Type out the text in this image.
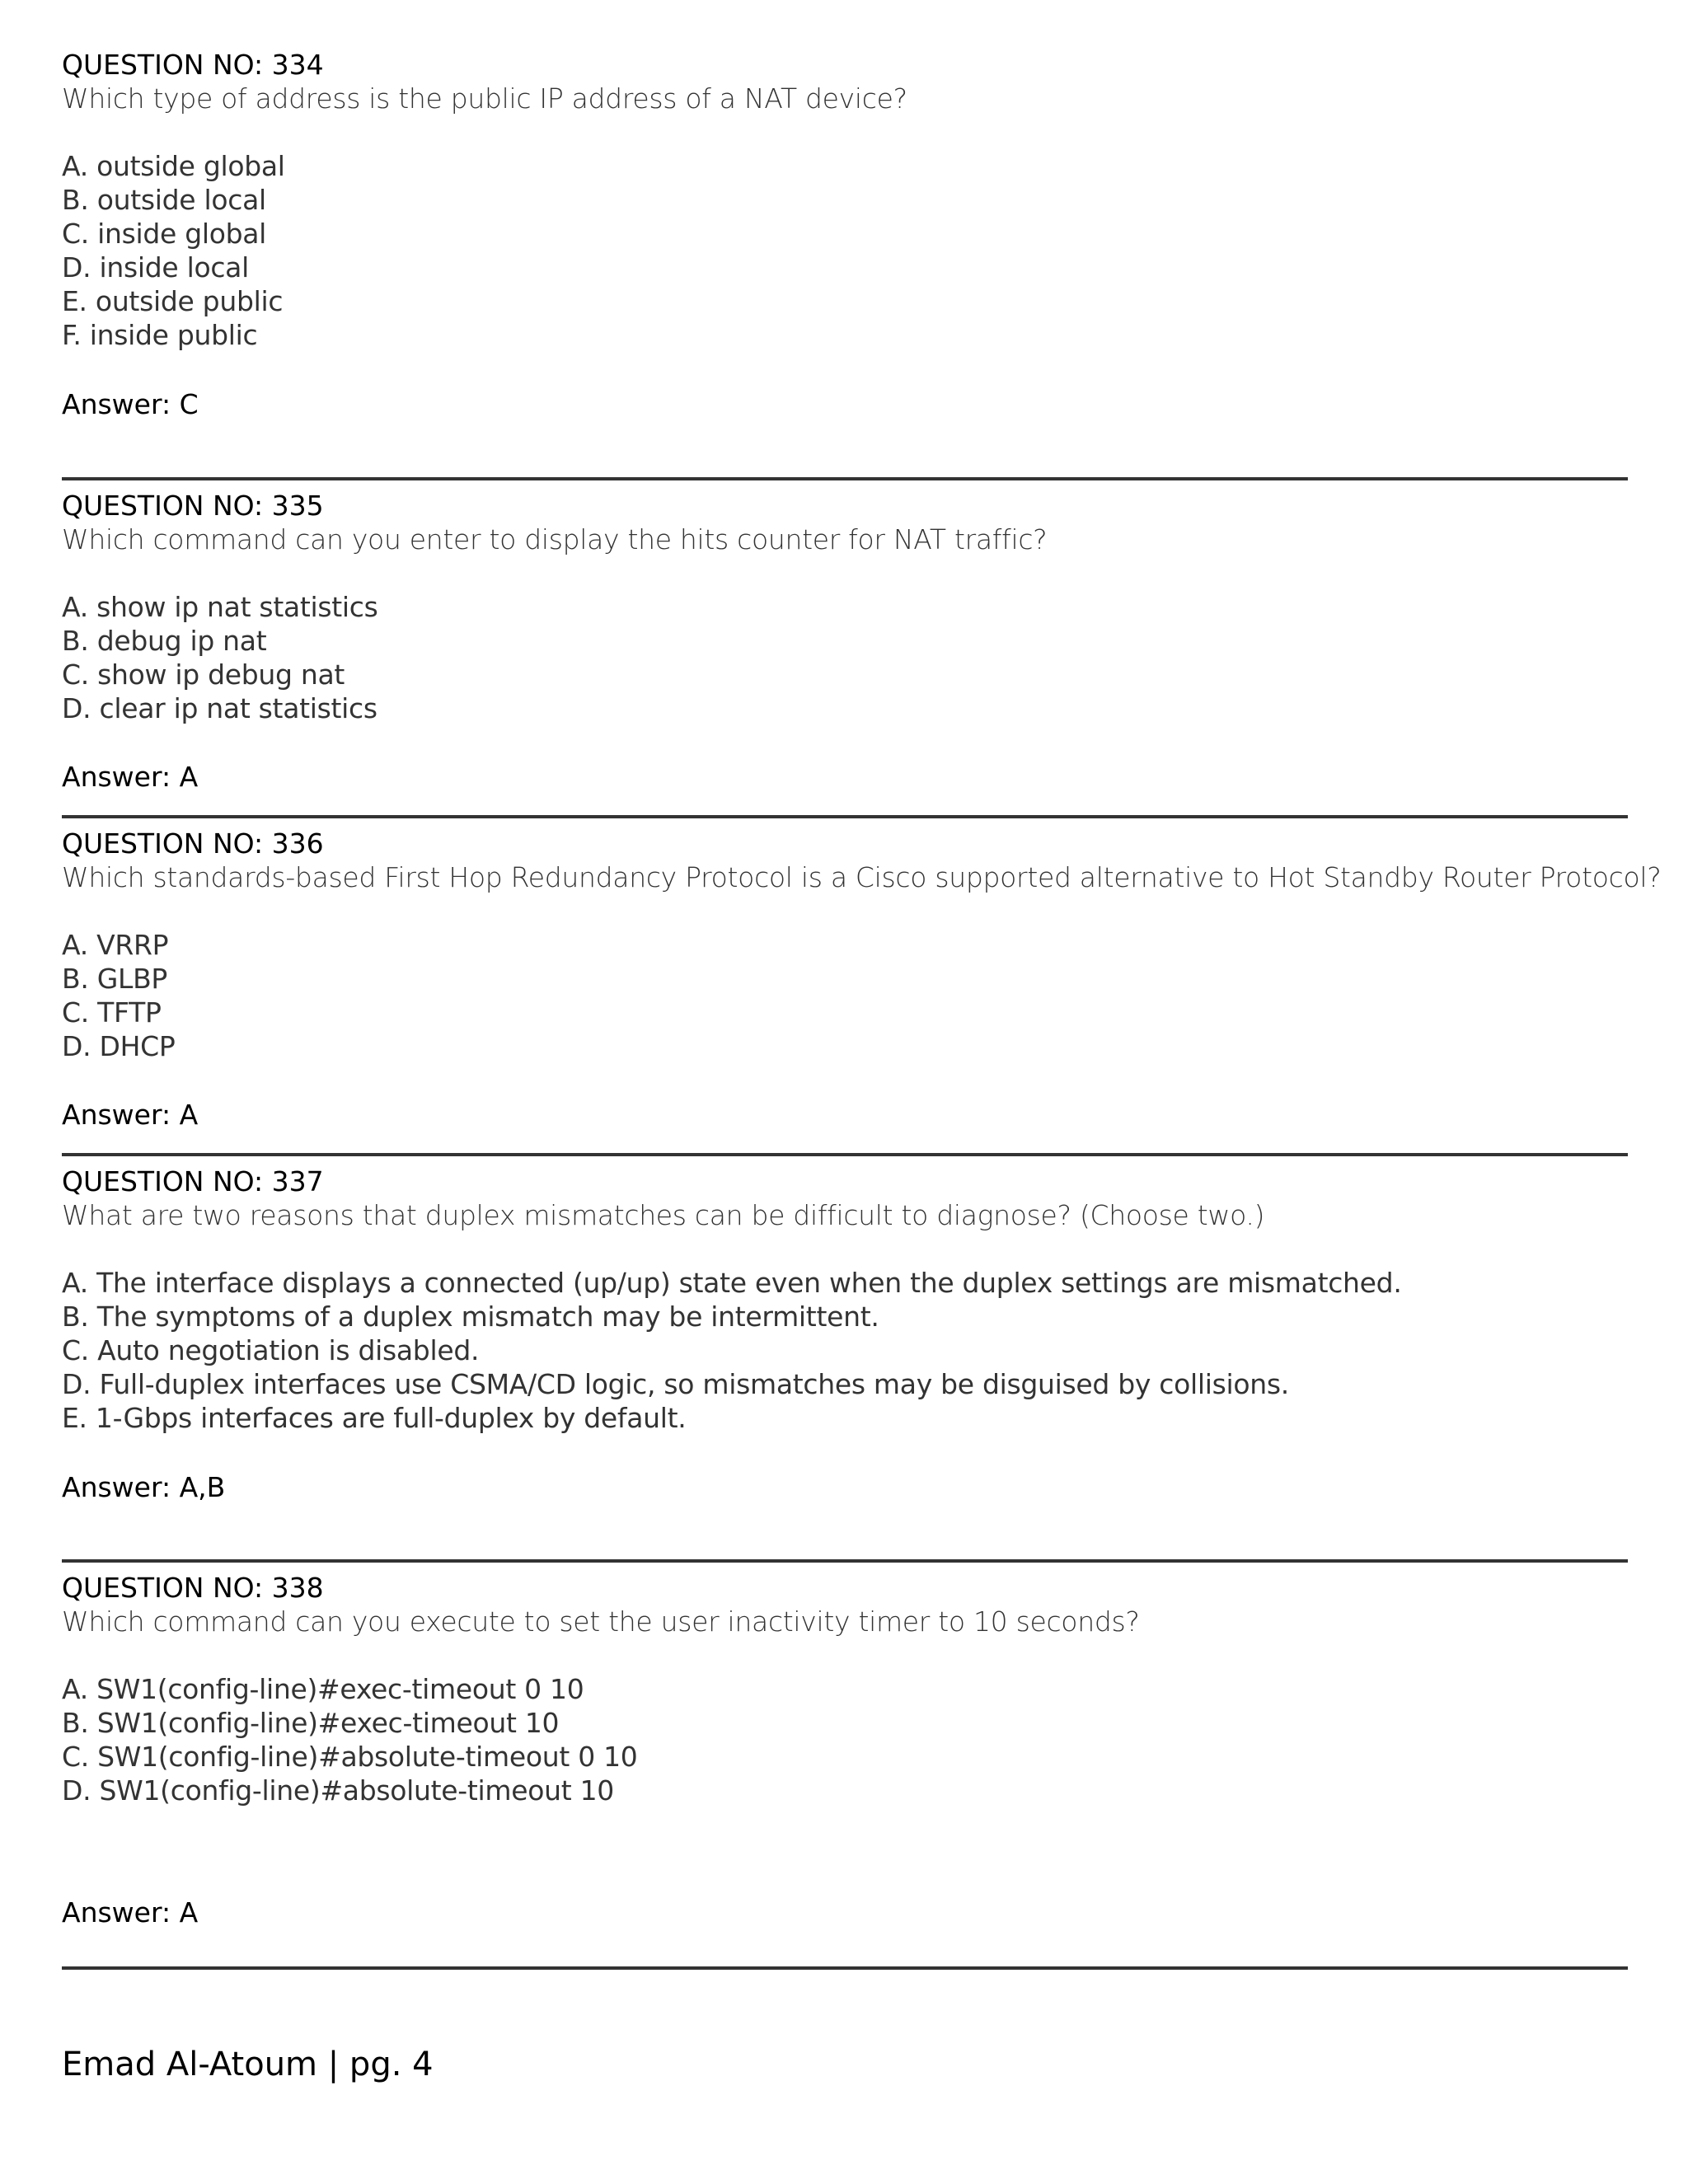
QUESTION NO: 334

Which type of address is the public IP address of a NAT device?

A. outside global

B. outside local

C. inside global

D. inside local

E. outside public

F. inside public

Answer: C

QUESTION NO: 335

Which command can you enter to display the hits counter for NAT traffic?

A. show ip nat statistics

B. debug ip nat

C. show ip debug nat

D. clear ip nat statistics

Answer: A

QUESTION NO: 336

Which standards-based First Hop Redundancy Protocol is a Cisco supported alternative to Hot Standby Router Protocol?

A. VRRP

B. GLBP

C. TFTP

D. DHCP

Answer: A

QUESTION NO: 337

What are two reasons that duplex mismatches can be difficult to diagnose? (Choose two.)

A. The interface displays a connected (up/up) state even when the duplex settings are mismatched.

B. The symptoms of a duplex mismatch may be intermittent.

C. Auto negotiation is disabled.

D. Full-duplex interfaces use CSMA/CD logic, so mismatches may be disguised by collisions.

E. 1-Gbps interfaces are full-duplex by default.

Answer: A,B

QUESTION NO: 338

Which command can you execute to set the user inactivity timer to 10 seconds?

A. SW1(config-line)#exec-timeout 0 10

B. SW1(config-line)#exec-timeout 10

C. SW1(config-line)#absolute-timeout 0 10

D. SW1(config-line)#absolute-timeout 10

Answer: A

Emad Al-Atoum | pg. 4
